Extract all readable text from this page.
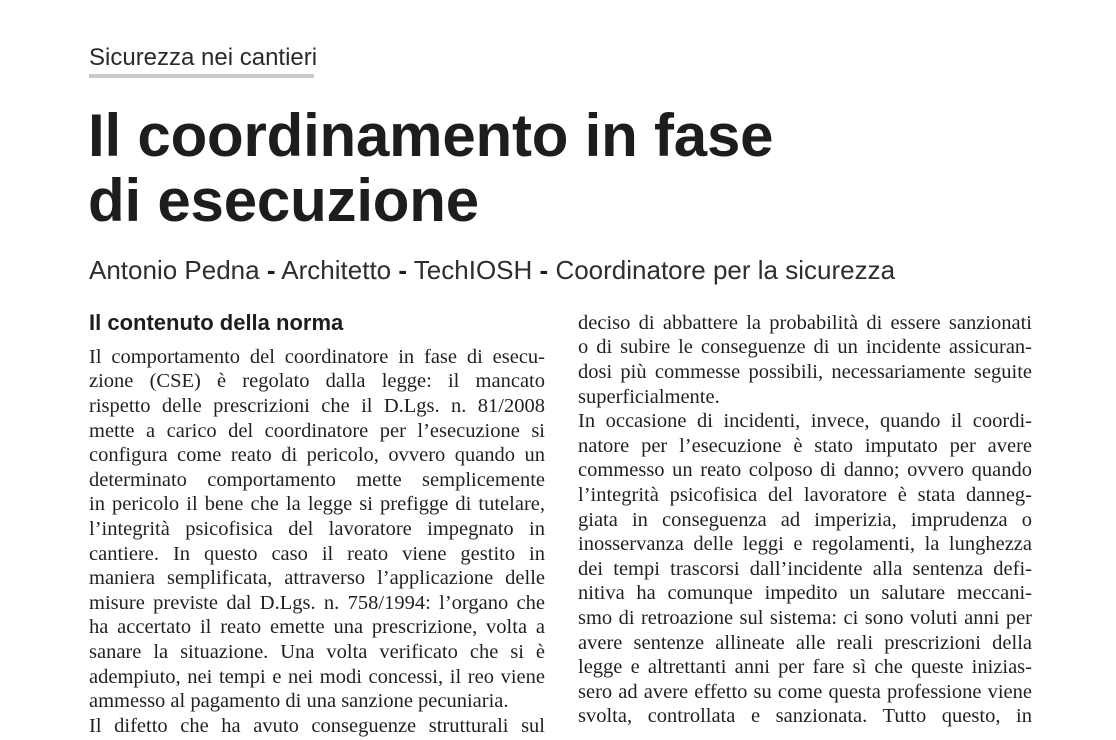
Sicurezza nei cantieri
Il coordinamento in fase
di esecuzione
Antonio Pedna - Architetto - TechIOSH - Coordinatore per la sicurezza
Il contenuto della norma
Il comportamento del coordinatore in fase di esecu-
zione (CSE) è regolato dalla legge: il mancato
rispetto delle prescrizioni che il D.Lgs. n. 81/2008
mette a carico del coordinatore per l’esecuzione si
configura come reato di pericolo, ovvero quando un
determinato comportamento mette semplicemente
in pericolo il bene che la legge si prefigge di tutelare,
l’integrità psicofisica del lavoratore impegnato in
cantiere. In questo caso il reato viene gestito in
maniera semplificata, attraverso l’applicazione delle
misure previste dal D.Lgs. n. 758/1994: l’organo che
ha accertato il reato emette una prescrizione, volta a
sanare la situazione. Una volta verificato che si è
adempiuto, nei tempi e nei modi concessi, il reo viene
ammesso al pagamento di una sanzione pecuniaria.
Il difetto che ha avuto conseguenze strutturali sul
deciso di abbattere la probabilità di essere sanzionati
o di subire le conseguenze di un incidente assicuran-
dosi più commesse possibili, necessariamente seguite
superficialmente.
In occasione di incidenti, invece, quando il coordi-
natore per l’esecuzione è stato imputato per avere
commesso un reato colposo di danno; ovvero quando
l’integrità psicofisica del lavoratore è stata danneg-
giata in conseguenza ad imperizia, imprudenza o
inosservanza delle leggi e regolamenti, la lunghezza
dei tempi trascorsi dall’incidente alla sentenza defi-
nitiva ha comunque impedito un salutare meccani-
smo di retroazione sul sistema: ci sono voluti anni per
avere sentenze allineate alle reali prescrizioni della
legge e altrettanti anni per fare sì che queste inizias-
sero ad avere effetto su come questa professione viene
svolta, controllata e sanzionata. Tutto questo, in
